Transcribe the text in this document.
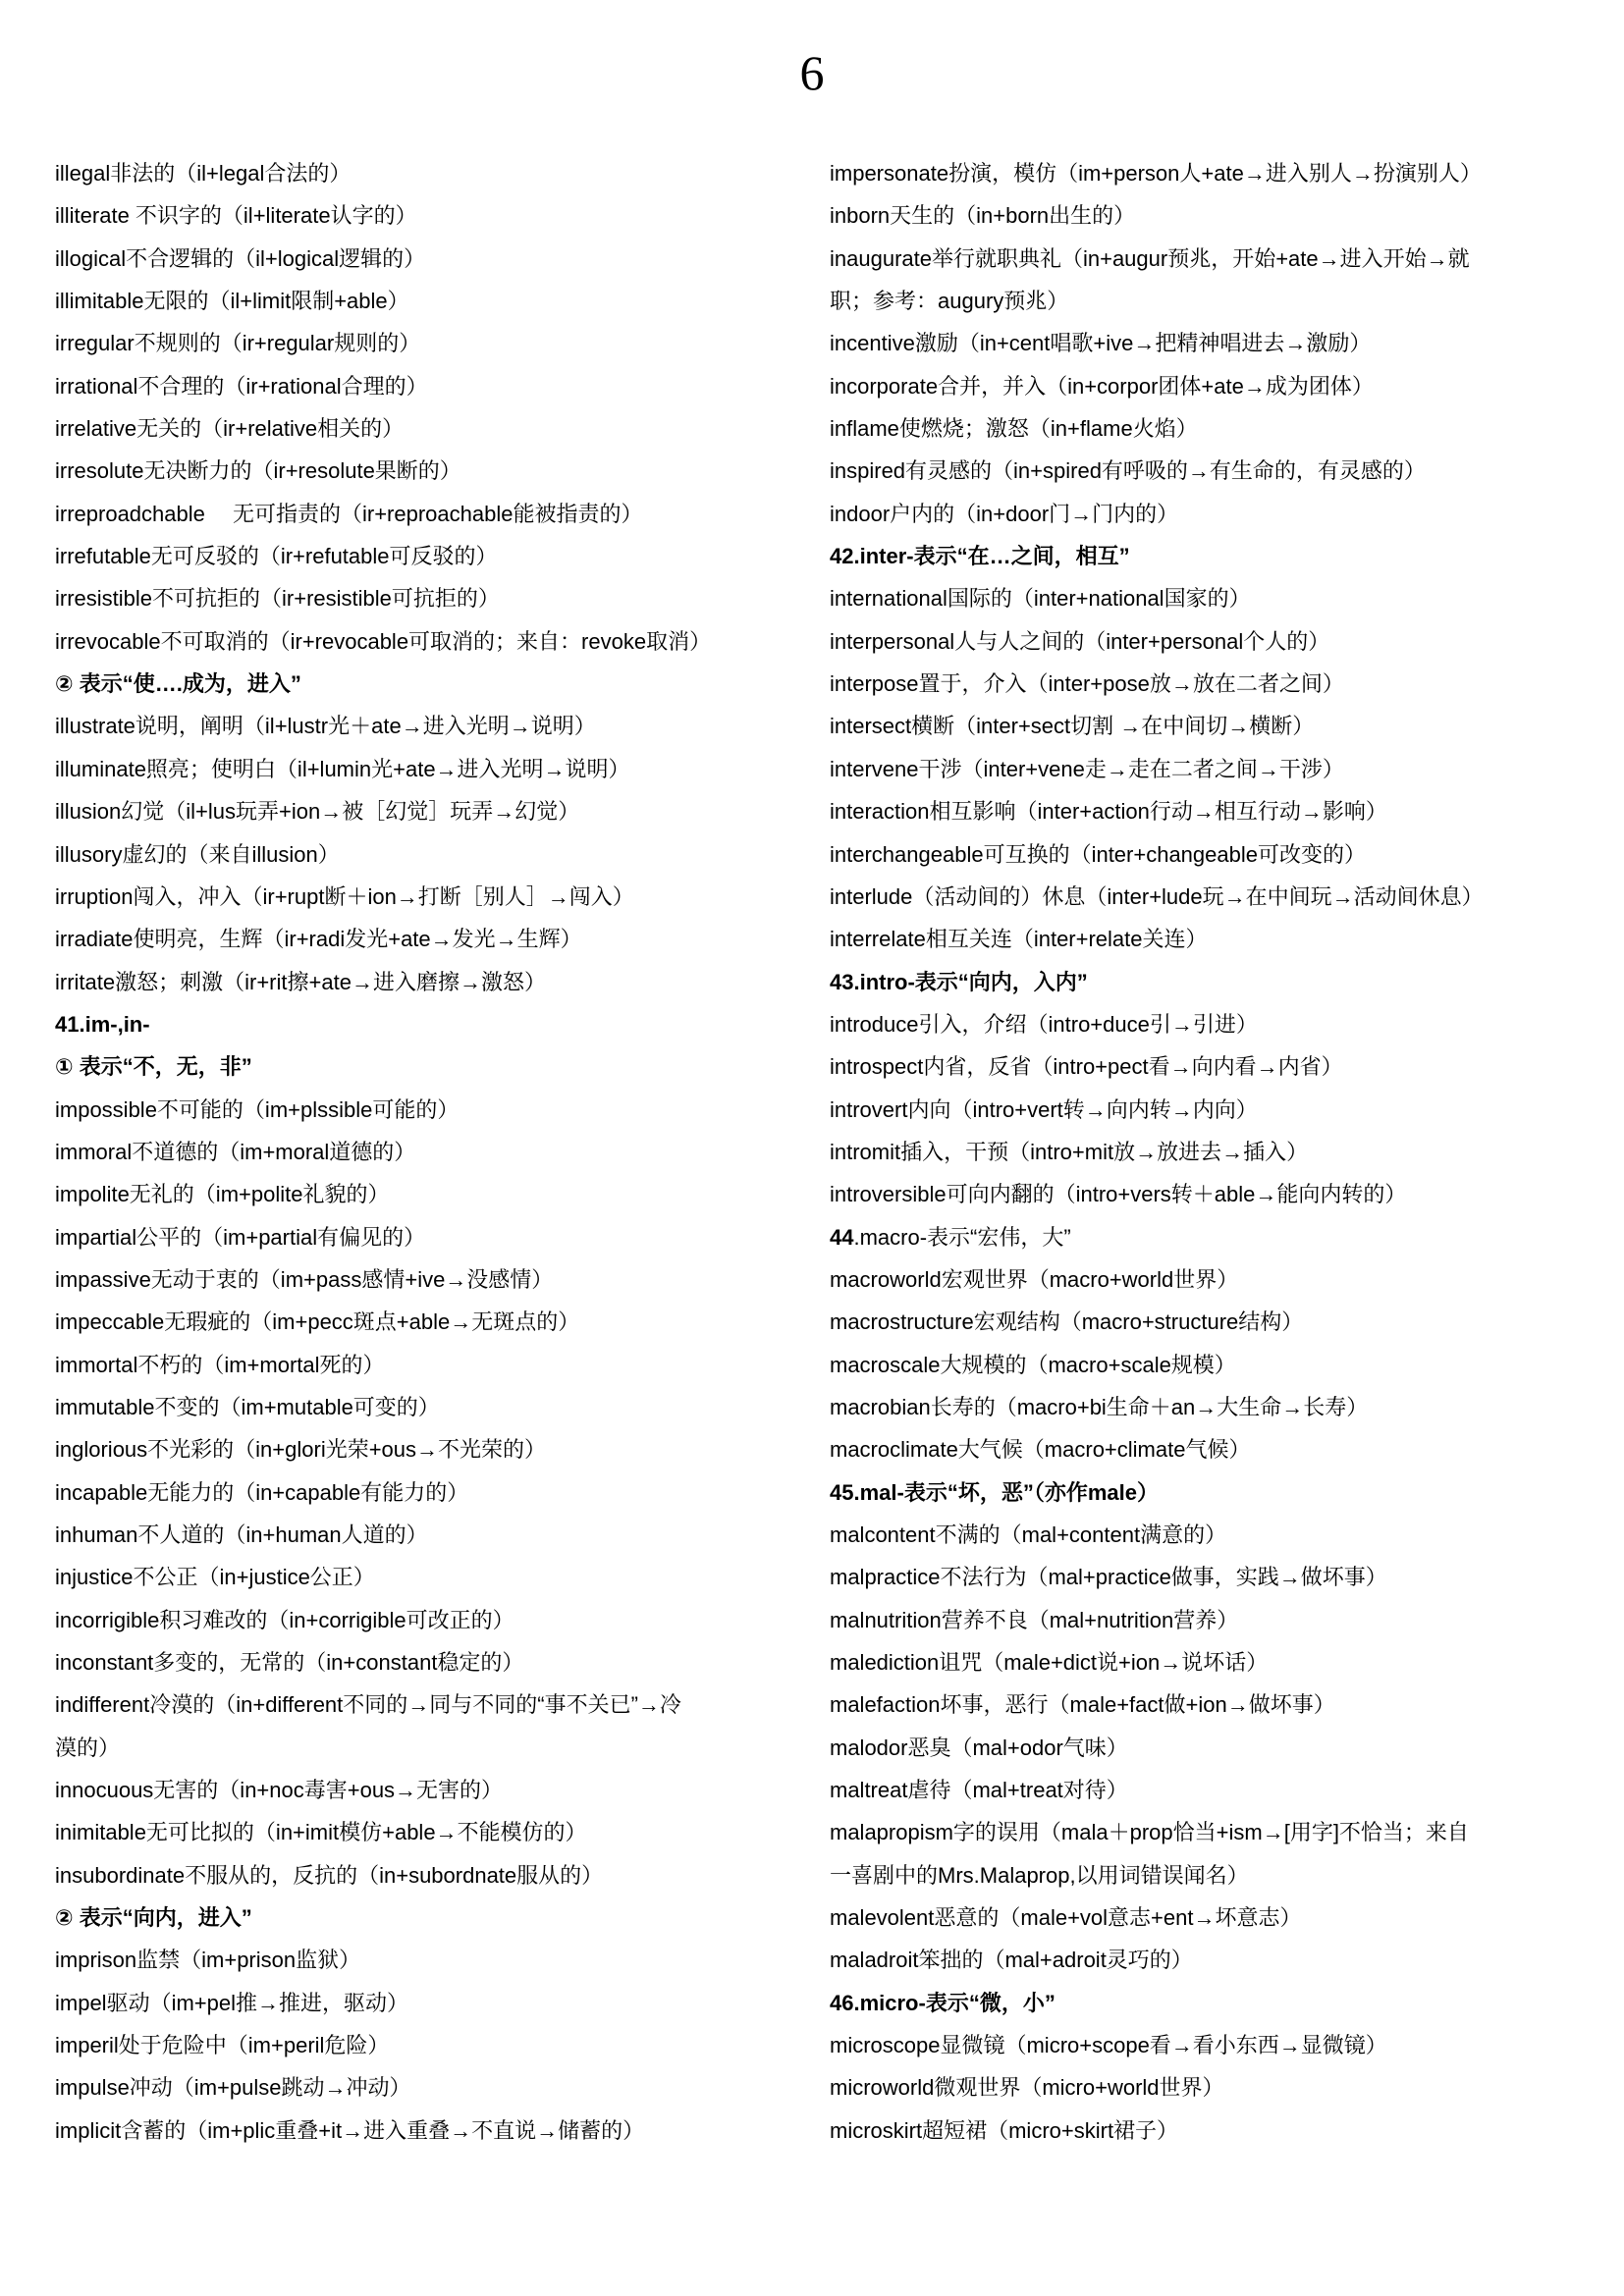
6
illegal非法的（il+legal合法的）
illiterate 不识字的（il+literate认字的）
illogical不合逻辑的（il+logical逻辑的）
illimitable无限的（il+limit限制+able）
irregular不规则的（ir+regular规则的）
irrational不合理的（ir+rational合理的）
irrelative无关的（ir+relative相关的）
irresolute无决断力的（ir+resolute果断的）
irreproadchable　 无可指责的（ir+reproachable能被指责的）
irrefutable无可反驳的（ir+refutable可反驳的）
irresistible不可抗拒的（ir+resistible可抗拒的）
irrevocable不可取消的（ir+revocable可取消的；来自：revoke取消）
② 表示“使….成为，进入”
illustrate说明，阐明（il+lustr光＋ate→进入光明→说明）
illuminate照亮；使明白（il+lumin光+ate→进入光明→说明）
illusion幻觉（il+lus玩弄+ion→被［幻觉］玩弄→幻觉）
illusory虚幻的（来自illusion）
irruption闯入，冲入（ir+rupt断＋ion→打断［别人］→闯入）
irradiate使明亮，生辉（ir+radi发光+ate→发光→生辉）
irritate激怒；刺激（ir+rit擦+ate→进入磨擦→激怒）
41.im-,in-
① 表示“不，无，非”
impossible不可能的（im+plssible可能的）
immoral不道德的（im+moral道德的）
impolite无礼的（im+polite礼貌的）
impartial公平的（im+partial有偏见的）
impassive无动于衷的（im+pass感情+ive→没感情）
impeccable无瑕疵的（im+pecc斑点+able→无斑点的）
immortal不朽的（im+mortal死的）
immutable不变的（im+mutable可变的）
inglorious不光彩的（in+glori光荣+ous→不光荣的）
incapable无能力的（in+capable有能力的）
inhuman不人道的（in+human人道的）
injustice不公正（in+justice公正）
incorrigible积习难改的（in+corrigible可改正的）
inconstant多变的，无常的（in+constant稳定的）
indifferent冷漠的（in+different不同的→同与不同的“事不关已”→冷
漠的）
innocuous无害的（in+noc毒害+ous→无害的）
inimitable无可比拟的（in+imit模仿+able→不能模仿的）
insubordinate不服从的，反抗的（in+subordnate服从的）
② 表示“向内，进入”
imprison监禁（im+prison监狱）
impel驱动（im+pel推→推进，驱动）
imperil处于危险中（im+peril危险）
impulse冲动（im+pulse跳动→冲动）
implicit含蓄的（im+plic重叠+it→进入重叠→不直说→储蓄的）
impersonate扮演，模仿（im+person人+ate→进入别人→扮演别人）
inborn天生的（in+born出生的）
inaugurate举行就职典礼（in+augur预兆，开始+ate→进入开始→就
职；参考：augury预兆）
incentive激励（in+cent唱歌+ive→把精神唱进去→激励）
incorporate合并，并入（in+corpor团体+ate→成为团体）
inflame使燃烧；激怒（in+flame火焰）
inspired有灵感的（in+spired有呼吸的→有生命的，有灵感的）
indoor户内的（in+door门→门内的）
42.inter-表示“在…之间，相互”
international国际的（inter+national国家的）
interpersonal人与人之间的（inter+personal个人的）
interpose置于，介入（inter+pose放→放在二者之间）
intersect横断（inter+sect切割 →在中间切→横断）
intervene干涉（inter+vene走→走在二者之间→干涉）
interaction相互影响（inter+action行动→相互行动→影响）
interchangeable可互换的（inter+changeable可改变的）
interlude（活动间的）休息（inter+lude玩→在中间玩→活动间休息）
interrelate相互关连（inter+relate关连）
43.intro-表示“向内，入内”
introduce引入，介绍（intro+duce引→引进）
introspect内省，反省（intro+pect看→向内看→内省）
introvert内向（intro+vert转→向内转→内向）
intromit插入，干预（intro+mit放→放进去→插入）
introversible可向内翻的（intro+vers转＋able→能向内转的）
44.macro-表示“宏伟，大”
macroworld宏观世界（macro+world世界）
macrostructure宏观结构（macro+structure结构）
macroscale大规模的（macro+scale规模）
macrobian长寿的（macro+bi生命＋an→大生命→长寿）
macroclimate大气候（macro+climate气候）
45.mal-表示“坏，恶”（亦作male）
malcontent不满的（mal+content满意的）
malpractice不法行为（mal+practice做事，实践→做坏事）
malnutrition营养不良（mal+nutrition营养）
malediction诅咒（male+dict说+ion→说坏话）
malefaction坏事，恶行（male+fact做+ion→做坏事）
malodor恶臭（mal+odor气味）
maltreat虐待（mal+treat对待）
malapropism字的误用（mala＋prop恰当+ism→[用字]不恰当；来自
一喜剧中的Mrs.Malaprop,以用词错误闻名）
malevolent恶意的（male+vol意志+ent→坏意志）
maladroit笨拙的（mal+adroit灵巧的）
46.micro-表示“微，小”
microscope显微镜（micro+scope看→看小东西→显微镜）
microworld微观世界（micro+world世界）
microskirt超短裙（micro+skirt裙子）
